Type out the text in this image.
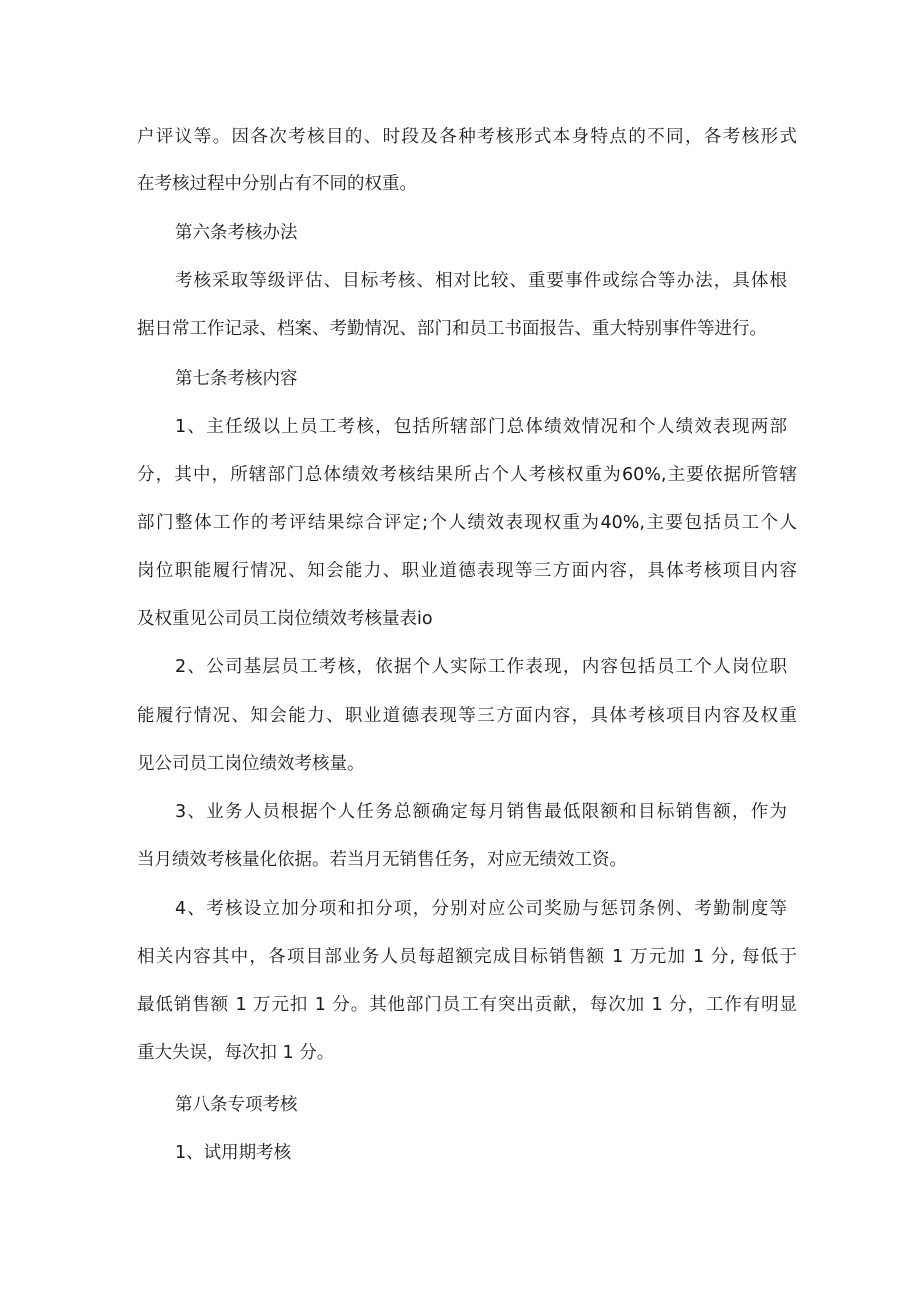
户评议等。因各次考核目的、时段及各种考核形式本身特点的不同，各考核形式
在考核过程中分别占有不同的权重。
第六条考核办法
考核采取等级评估、目标考核、相对比较、重要事件或综合等办法，具体根
据日常工作记录、档案、考勤情况、部门和员工书面报告、重大特别事件等进行。
第七条考核内容
1、主任级以上员工考核，包括所辖部门总体绩效情况和个人绩效表现两部
分，其中，所辖部门总体绩效考核结果所占个人考核权重为60%,主要依据所管辖
部门整体工作的考评结果综合评定;个人绩效表现权重为40%,主要包括员工个人
岗位职能履行情况、知会能力、职业道德表现等三方面内容，具体考核项目内容
及权重见公司员工岗位绩效考核量表io
2、公司基层员工考核，依据个人实际工作表现，内容包括员工个人岗位职
能履行情况、知会能力、职业道德表现等三方面内容，具体考核项目内容及权重
见公司员工岗位绩效考核量。
3、业务人员根据个人任务总额确定每月销售最低限额和目标销售额，作为
当月绩效考核量化依据。若当月无销售任务，对应无绩效工资。
4、考核设立加分项和扣分项，分别对应公司奖励与惩罚条例、考勤制度等
相关内容其中，各项目部业务人员每超额完成目标销售额 1 万元加 1 分, 每低于
最低销售额 1 万元扣 1 分。其他部门员工有突出贡献，每次加 1 分，工作有明显
重大失误，每次扣 1 分。
第八条专项考核
1、试用期考核
